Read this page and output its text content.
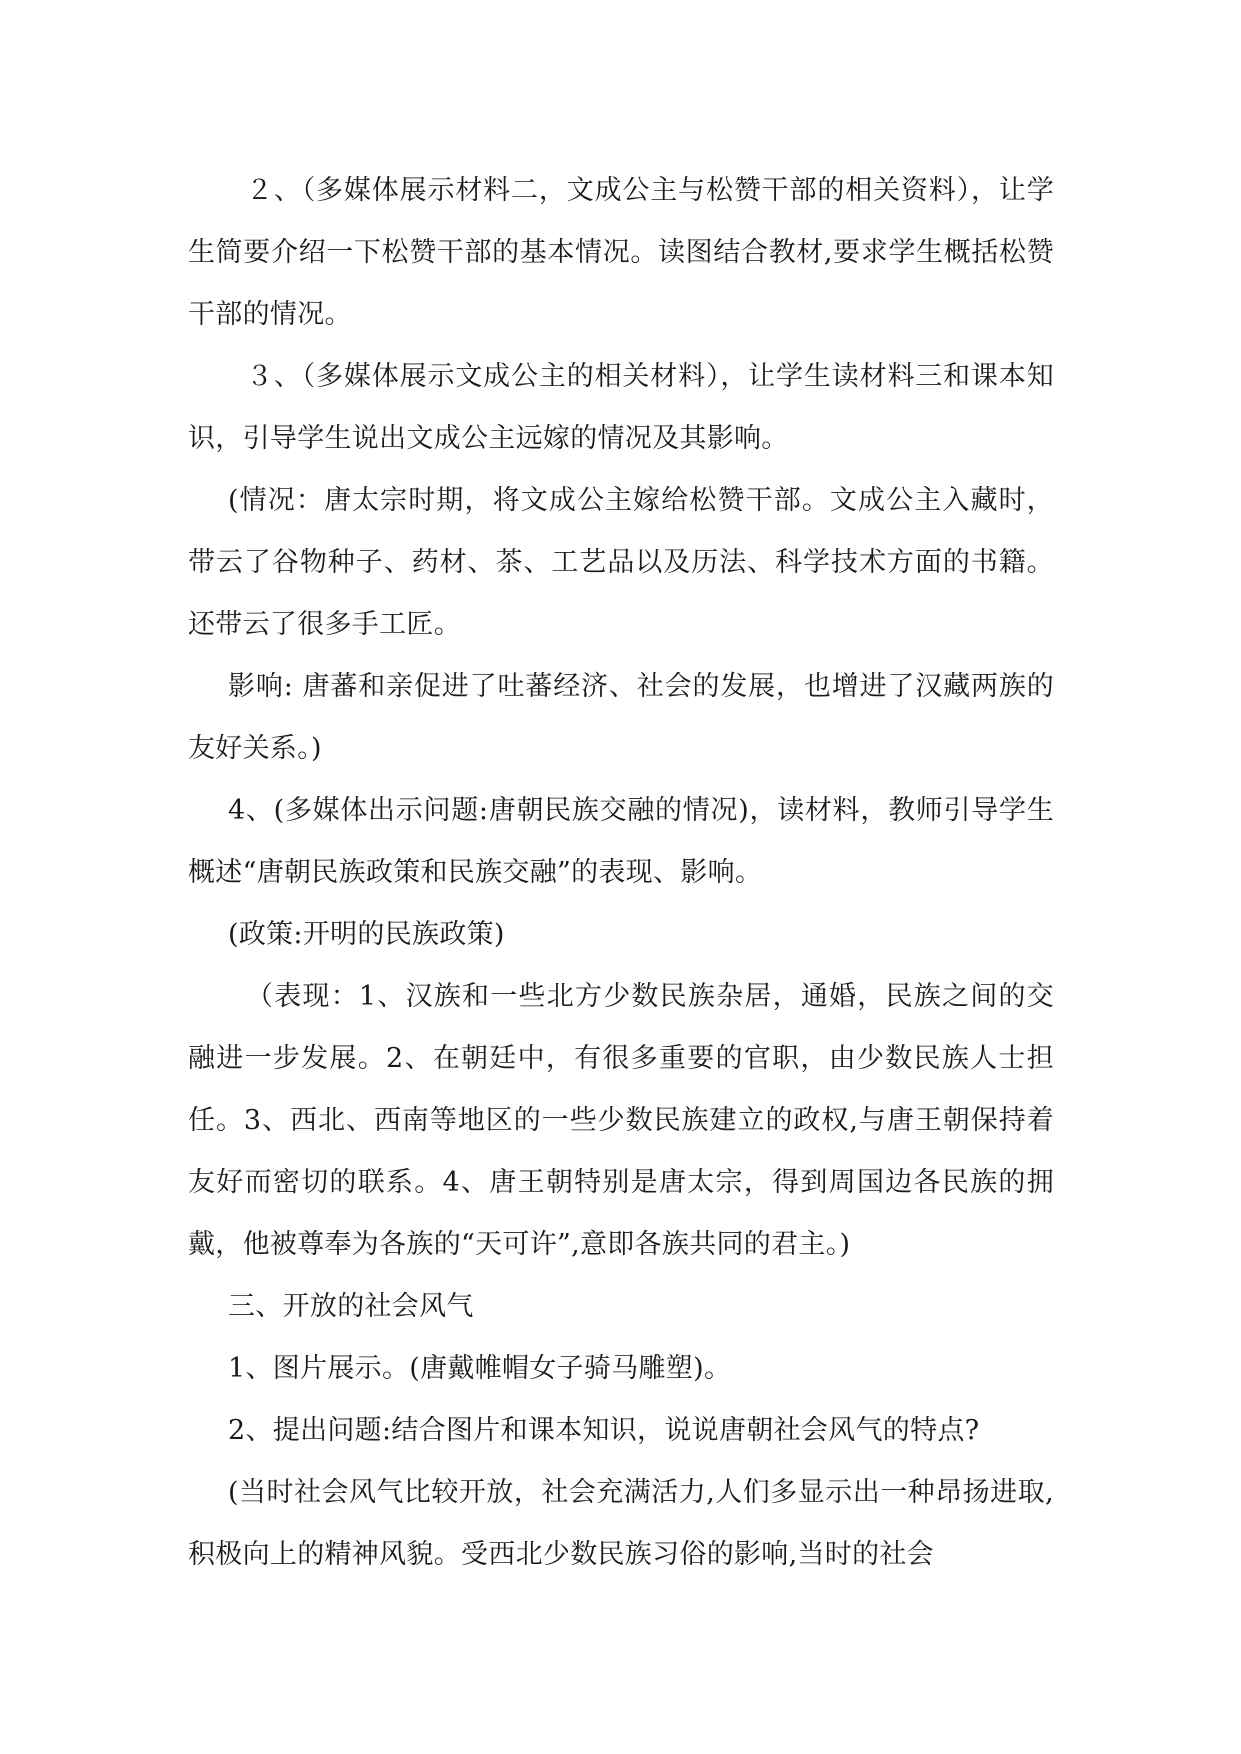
２、（多媒体展示材料二，文成公主与松赞干部的相关资料），让学生简要介绍一下松赞干部的基本情况。读图结合教材,要求学生概括松赞干部的情况。

３、（多媒体展示文成公主的相关材料），让学生读材料三和课本知识，引导学生说出文成公主远嫁的情况及其影响。

(情况：唐太宗时期，将文成公主嫁给松赞干部。文成公主入藏时，带云了谷物种子、药材、茶、工艺品以及历法、科学技术方面的书籍。还带云了很多手工匠。

影响: 唐蕃和亲促进了吐蕃经济、社会的发展，也增进了汉藏两族的友好关系。)

4、(多媒体出示问题:唐朝民族交融的情况)，读材料，教师引导学生概述“唐朝民族政策和民族交融”的表现、影响。

(政策:开明的民族政策)

（表现：1、汉族和一些北方少数民族杂居，通婚，民族之间的交融进一步发展。2、在朝廷中，有很多重要的官职，由少数民族人士担任。3、西北、西南等地区的一些少数民族建立的政权,与唐王朝保持着友好而密切的联系。4、唐王朝特别是唐太宗，得到周国边各民族的拥戴，他被尊奉为各族的“天可许”,意即各族共同的君主。)

三、开放的社会风气

1、图片展示。(唐戴帷帽女子骑马雕塑)。

2、提出问题:结合图片和课本知识，说说唐朝社会风气的特点?

(当时社会风气比较开放，社会充满活力,人们多显示出一种昂扬进取,积极向上的精神风貌。受西北少数民族习俗的影响,当时的社会
